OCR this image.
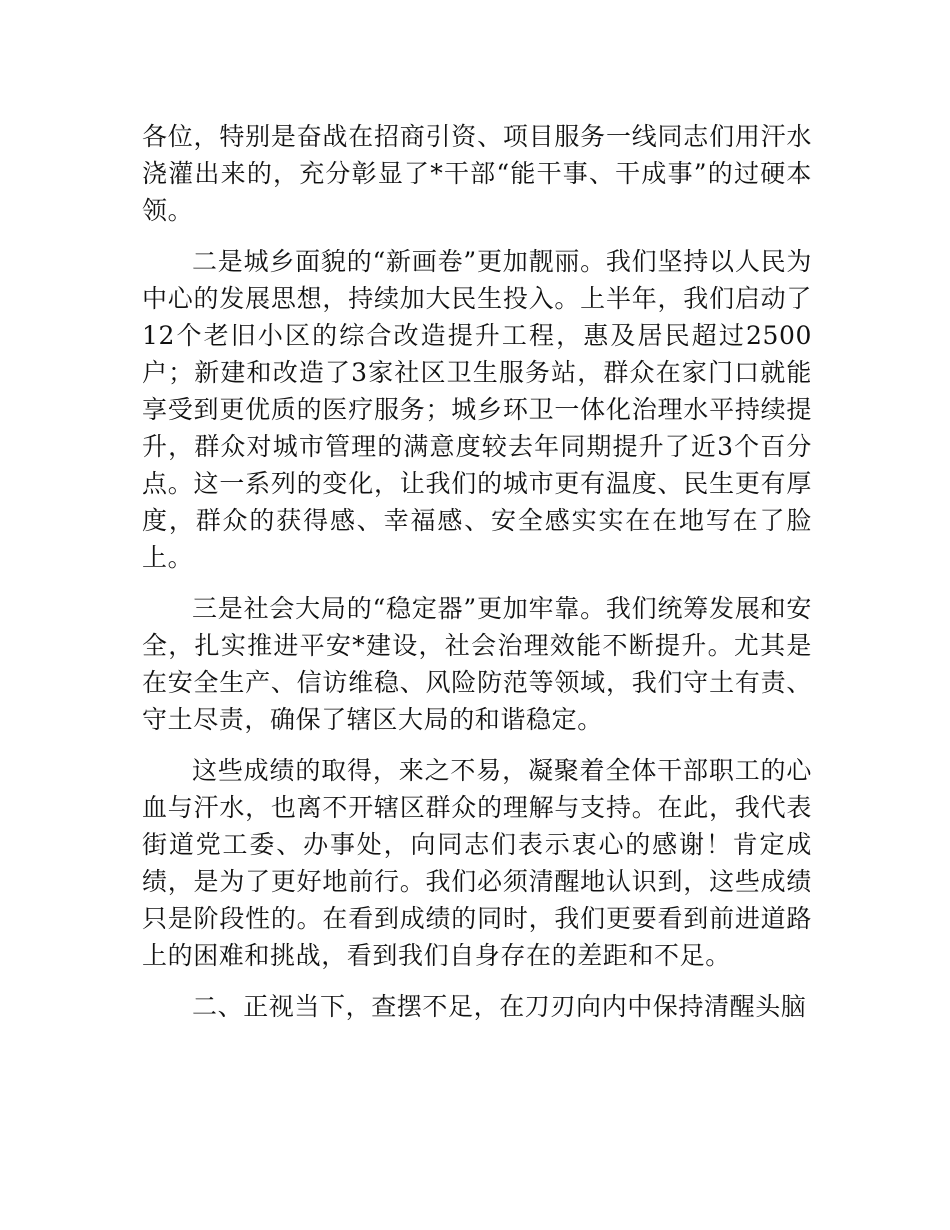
各位，特别是奋战在招商引资、项目服务一线同志们用汗水浇灌出来的，充分彰显了*干部“能干事、干成事”的过硬本领。

二是城乡面貌的“新画卷”更加靓丽。我们坚持以人民为中心的发展思想，持续加大民生投入。上半年，我们启动了12个老旧小区的综合改造提升工程，惠及居民超过2500户；新建和改造了3家社区卫生服务站，群众在家门口就能享受到更优质的医疗服务；城乡环卫一体化治理水平持续提升，群众对城市管理的满意度较去年同期提升了近3个百分点。这一系列的变化，让我们的城市更有温度、民生更有厚度，群众的获得感、幸福感、安全感实实在在地写在了脸上。

三是社会大局的“稳定器”更加牢靠。我们统筹发展和安全，扎实推进平安*建设，社会治理效能不断提升。尤其是在安全生产、信访维稳、风险防范等领域，我们守土有责、守土尽责，确保了辖区大局的和谐稳定。

这些成绩的取得，来之不易，凝聚着全体干部职工的心血与汗水，也离不开辖区群众的理解与支持。在此，我代表街道党工委、办事处，向同志们表示衷心的感谢！肯定成绩，是为了更好地前行。我们必须清醒地认识到，这些成绩只是阶段性的。在看到成绩的同时，我们更要看到前进道路上的困难和挑战，看到我们自身存在的差距和不足。

二、正视当下，查摆不足，在刀刃向内中保持清醒头脑
